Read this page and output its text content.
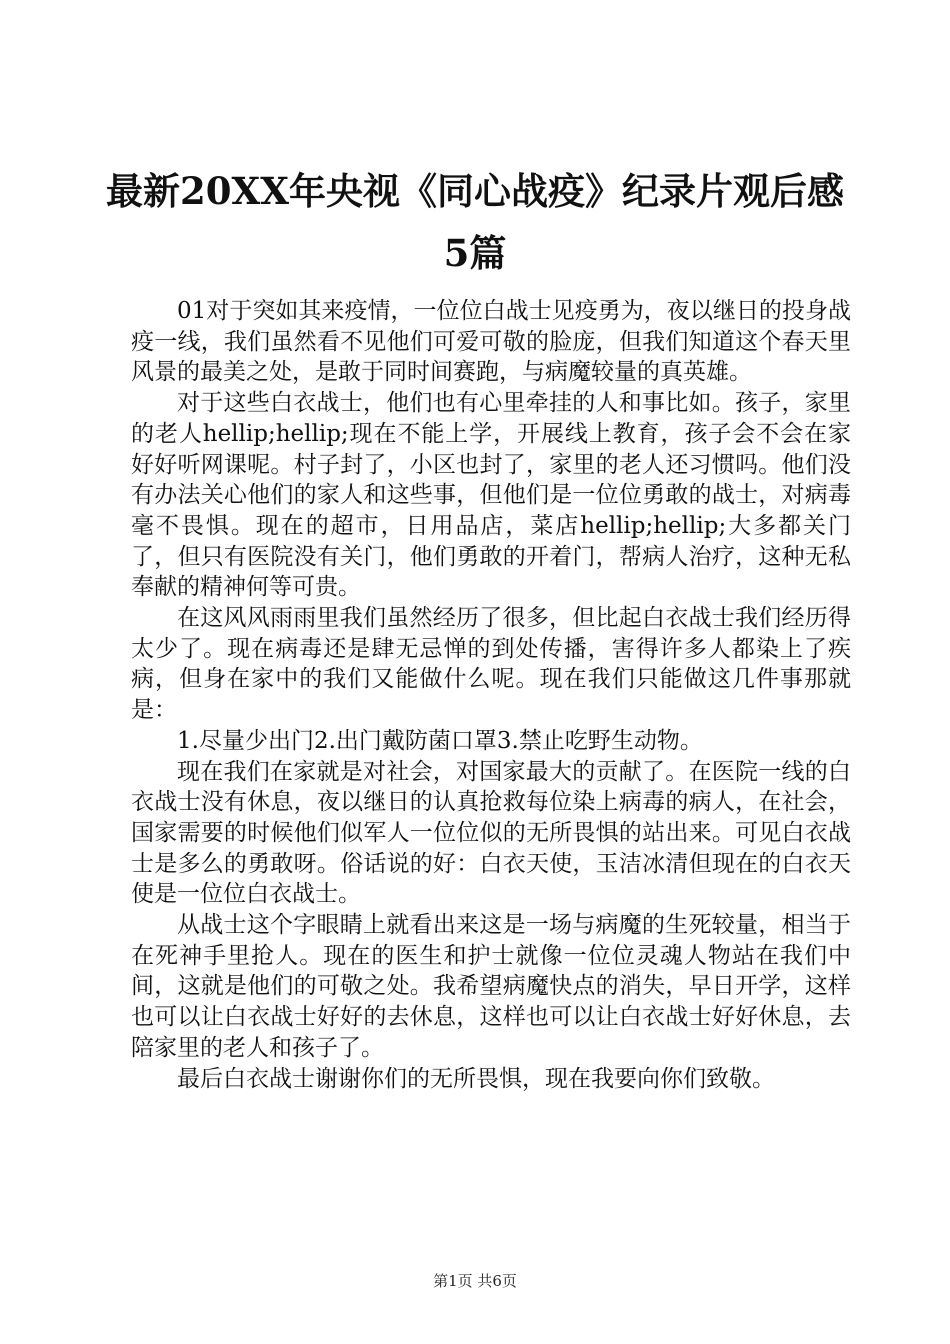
最新20XX年央视《同心战疫》纪录片观后感5篇

01对于突如其来疫情，一位位白战士见疫勇为，夜以继日的投身战疫一线，我们虽然看不见他们可爱可敬的脸庞，但我们知道这个春天里风景的最美之处，是敢于同时间赛跑，与病魔较量的真英雄。

对于这些白衣战士，他们也有心里牵挂的人和事比如。孩子，家里的老人hellip;hellip;现在不能上学，开展线上教育，孩子会不会在家好好听网课呢。村子封了，小区也封了，家里的老人还习惯吗。他们没有办法关心他们的家人和这些事，但他们是一位位勇敢的战士，对病毒毫不畏惧。现在的超市，日用品店，菜店hellip;hellip;大多都关门了，但只有医院没有关门，他们勇敢的开着门，帮病人治疗，这种无私奉献的精神何等可贵。

在这风风雨雨里我们虽然经历了很多，但比起白衣战士我们经历得太少了。现在病毒还是肆无忌惮的到处传播，害得许多人都染上了疾病，但身在家中的我们又能做什么呢。现在我们只能做这几件事那就是：

1.尽量少出门2.出门戴防菌口罩3.禁止吃野生动物。

现在我们在家就是对社会，对国家最大的贡献了。在医院一线的白衣战士没有休息，夜以继日的认真抢救每位染上病毒的病人，在社会，国家需要的时候他们似军人一位位似的无所畏惧的站出来。可见白衣战士是多么的勇敢呀。俗话说的好：白衣天使，玉洁冰清但现在的白衣天使是一位位白衣战士。

从战士这个字眼睛上就看出来这是一场与病魔的生死较量，相当于在死神手里抢人。现在的医生和护士就像一位位灵魂人物站在我们中间，这就是他们的可敬之处。我希望病魔快点的消失，早日开学，这样也可以让白衣战士好好的去休息，这样也可以让白衣战士好好休息，去陪家里的老人和孩子了。

最后白衣战士谢谢你们的无所畏惧，现在我要向你们致敬。

第1页 共6页
